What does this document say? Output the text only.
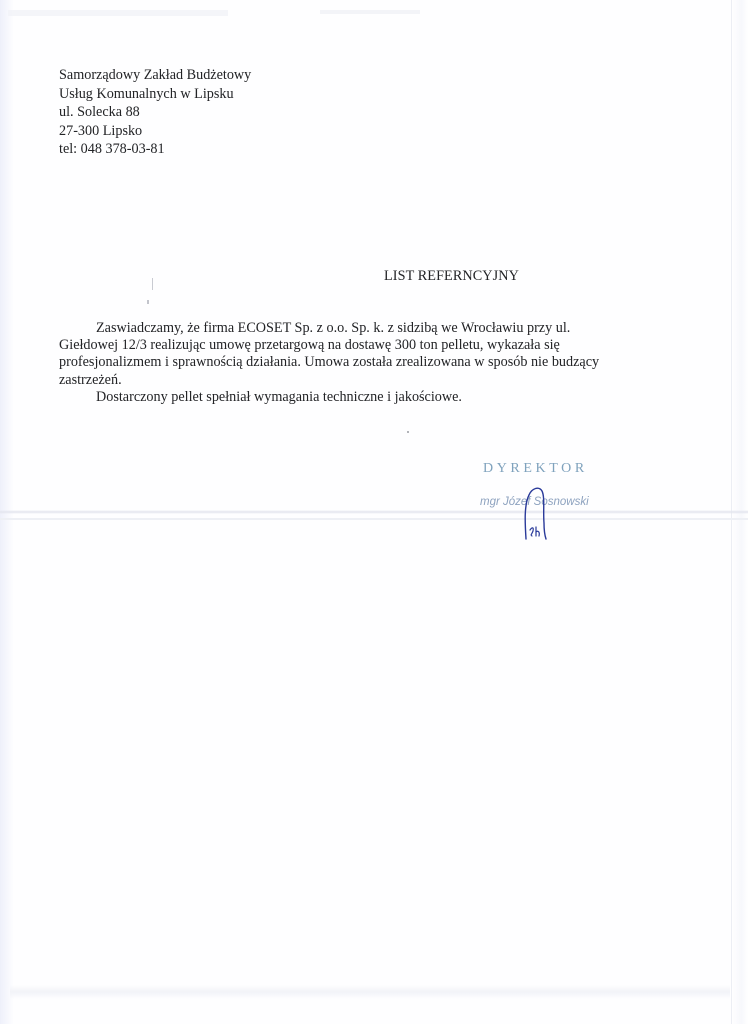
Samorządowy Zakład Budżetowy
Usług Komunalnych w Lipsku
ul. Solecka 88
27-300 Lipsko
tel: 048 378-03-81
LIST REFERNCYJNY
Zaswiadczamy, że firma ECOSET Sp. z o.o. Sp. k. z sidzibą we Wrocławiu przy ul.
Giełdowej 12/3 realizując umowę przetargową na dostawę 300 ton pelletu, wykazała się
profesjonalizmem i sprawnością działania. Umowa została zrealizowana w sposób nie budzący
zastrzeżeń.
Dostarczony pellet spełniał wymagania techniczne i jakościowe.
DYREKTOR
mgr Józef Sosnowski
